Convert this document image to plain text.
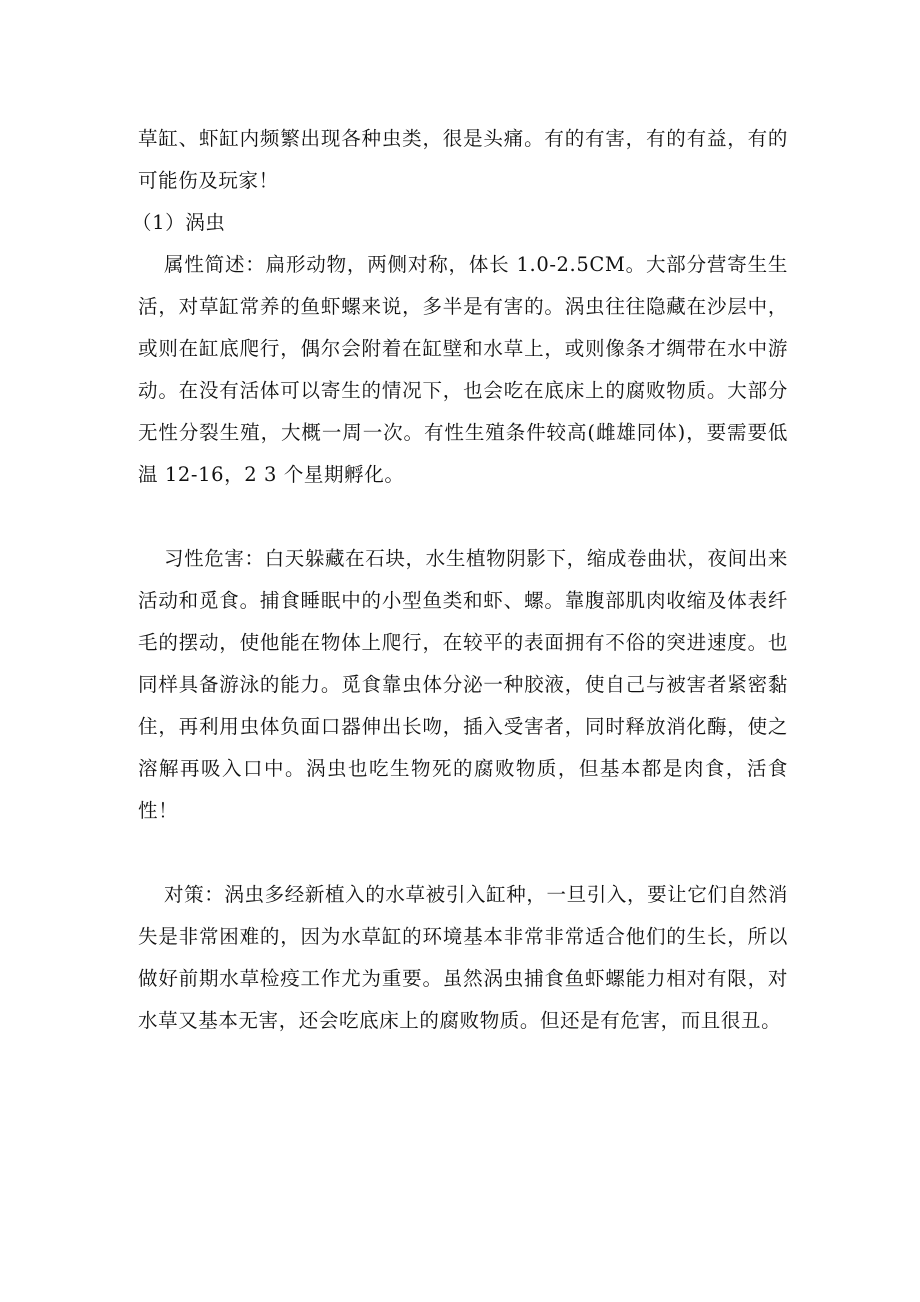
草缸、虾缸内频繁出现各种虫类，很是头痛。有的有害，有的有益，有的可能伤及玩家！

（1）涡虫

属性简述：扁形动物，两侧对称，体长 1.0-2.5CM。大部分营寄生生活，对草缸常养的鱼虾螺来说，多半是有害的。涡虫往往隐藏在沙层中，或则在缸底爬行，偶尔会附着在缸壁和水草上，或则像条才绸带在水中游动。在没有活体可以寄生的情况下，也会吃在底床上的腐败物质。大部分无性分裂生殖，大概一周一次。有性生殖条件较高(雌雄同体)，要需要低温 12-16，2 3 个星期孵化。

习性危害：白天躲藏在石块，水生植物阴影下，缩成卷曲状，夜间出来活动和觅食。捕食睡眠中的小型鱼类和虾、螺。靠腹部肌肉收缩及体表纤毛的摆动，使他能在物体上爬行，在较平的表面拥有不俗的突进速度。也同样具备游泳的能力。觅食靠虫体分泌一种胶液，使自己与被害者紧密黏住，再利用虫体负面口器伸出长吻，插入受害者，同时释放消化酶，使之溶解再吸入口中。涡虫也吃生物死的腐败物质，但基本都是肉食，活食性！

对策：涡虫多经新植入的水草被引入缸种，一旦引入，要让它们自然消失是非常困难的，因为水草缸的环境基本非常非常适合他们的生长，所以做好前期水草检疫工作尤为重要。虽然涡虫捕食鱼虾螺能力相对有限，对水草又基本无害，还会吃底床上的腐败物质。但还是有危害，而且很丑。
